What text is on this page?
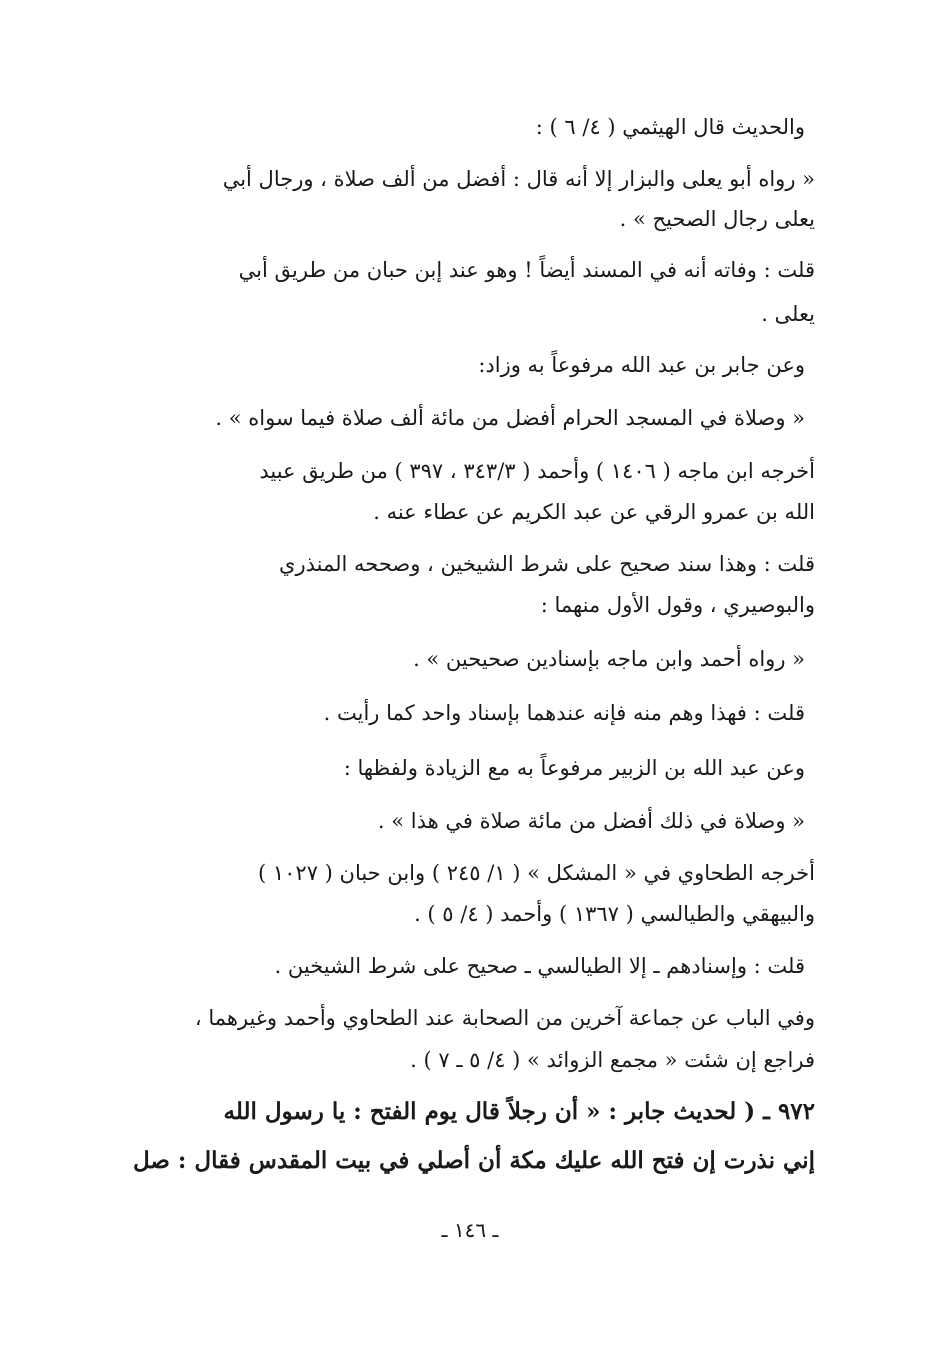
والحديث قال الهيثمي ( ٤/ ٦ ) :
« رواه أبو يعلى والبزار إلا أنه قال : أفضل من ألف صلاة ، ورجال أبي
يعلى رجال الصحيح » .
قلت : وفاته أنه في المسند أيضاً ! وهو عند إبن حبان من طريق أبي
يعلى .
وعن جابر بن عبد الله مرفوعاً به وزاد:
« وصلاة في المسجد الحرام أفضل من مائة ألف صلاة فيما سواه » .
أخرجه ابن ماجه ( ١٤٠٦ ) وأحمد ( ٣٤٣/٣ ، ٣٩٧ ) من طريق عبيد
الله بن عمرو الرقي عن عبد الكريم عن عطاء عنه .
قلت : وهذا سند صحيح على شرط الشيخين ، وصححه المنذري
والبوصيري ، وقول الأول منهما :
« رواه أحمد وابن ماجه بإسنادين صحيحين » .
قلت : فهذا وهم منه فإنه عندهما بإسناد واحد كما رأيت .
وعن عبد الله بن الزبير مرفوعاً به مع الزيادة ولفظها :
« وصلاة في ذلك أفضل من مائة صلاة في هذا » .
أخرجه الطحاوي في « المشكل » ( ١/ ٢٤٥ ) وابن حبان ( ١٠٢٧ )
والبيهقي والطيالسي ( ١٣٦٧ ) وأحمد ( ٤/ ٥ ) .
قلت : وإسنادهم ـ إلا الطيالسي ـ صحيح على شرط الشيخين .
وفي الباب عن جماعة آخرين من الصحابة عند الطحاوي وأحمد وغيرهما ،
فراجع إن شئت « مجمع الزوائد » ( ٤/ ٥ ـ ٧ ) .
٩٧٢ ـ ( لحديث جابر : « أن رجلاً قال يوم الفتح : يا رسول الله
إني نذرت إن فتح الله عليك مكة أن أصلي في بيت المقدس فقال : صل
ـ ١٤٦ ـ
